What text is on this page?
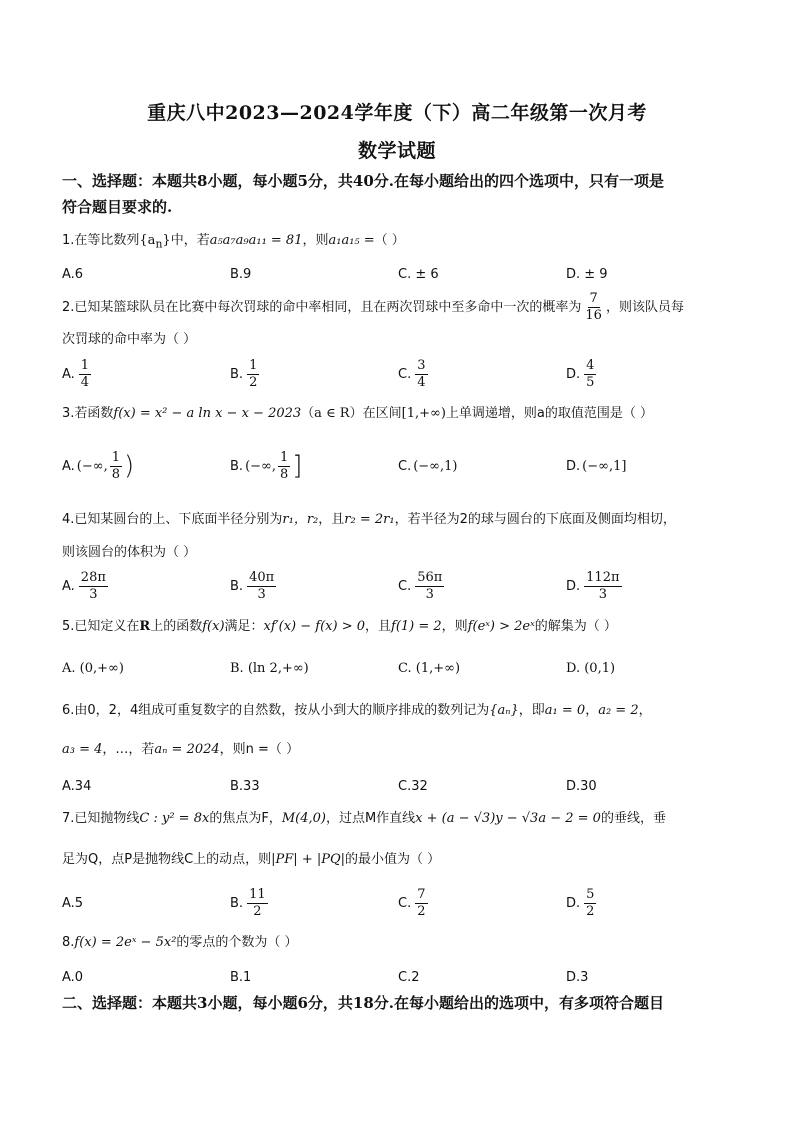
重庆八中2023—2024学年度（下）高二年级第一次月考
数学试题
一、选择题：本题共8小题，每小题5分，共40分.在每小题给出的四个选项中，只有一项是
符合题目要求的.
1.在等比数列$\{a_n\}$中，若a₅a₇a₉a₁₁ = 81，则a₁a₁₅ =（ ）
A.6	B.9	C. ± 6	D. ± 9
2.已知某篮球队员在比赛中每次罚球的命中率相同，且在两次罚球中至多命中一次的概率为 $\frac{7}{16}$ ，则该队员每
次罚球的命中率为（ ）
A. $\frac{1}{4}$	B. $\frac{1}{2}$	C. $\frac{3}{4}$	D. $\frac{4}{5}$
3.若函数f(x) = x² − a ln x − x − 2023（a ∈ R）在区间[1,+∞)上单调递增，则a的取值范围是（ ）
A. (−∞, $\frac{1}{8}$ )	B. (−∞, $\frac{1}{8}$ ]	C. (−∞,1)	D. (−∞,1]
4.已知某圆台的上、下底面半径分别为r₁，r₂，且r₂ = 2r₁，若半径为2的球与圆台的下底面及侧面均相切，
则该圆台的体积为（ ）
A. $\frac{28\pi}{3}$	B. $\frac{40\pi}{3}$	C. $\frac{56\pi}{3}$	D. $\frac{112\pi}{3}$
5.已知定义在R上的函数f(x)满足：xf′(x) − f(x) > 0，且f(1) = 2，则f(eˣ) > 2eˣ的解集为（ ）
A. (0,+∞)	B. (ln 2,+∞)	C. (1,+∞)	D. (0,1)
6.由0，2，4组成可重复数字的自然数，按从小到大的顺序排成的数列记为{aₙ}，即a₁ = 0，a₂ = 2，
a₃ = 4，…，若aₙ = 2024，则n =（ ）
A.34	B.33	C.32	D.30
7.已知抛物线C : y² = 8x的焦点为F，M(4,0)，过点M作直线x + (a − √3)y − √3a − 2 = 0的垂线，垂
足为Q，点P是抛物线C上的动点，则|PF| + |PQ|的最小值为（ ）
A.5	B. $\frac{11}{2}$	C. $\frac{7}{2}$	D. $\frac{5}{2}$
8.f(x) = 2eˣ − 5x²的零点的个数为（ ）
A.0	B.1	C.2	D.3
二、选择题：本题共3小题，每小题6分，共18分.在每小题给出的选项中，有多项符合题目
